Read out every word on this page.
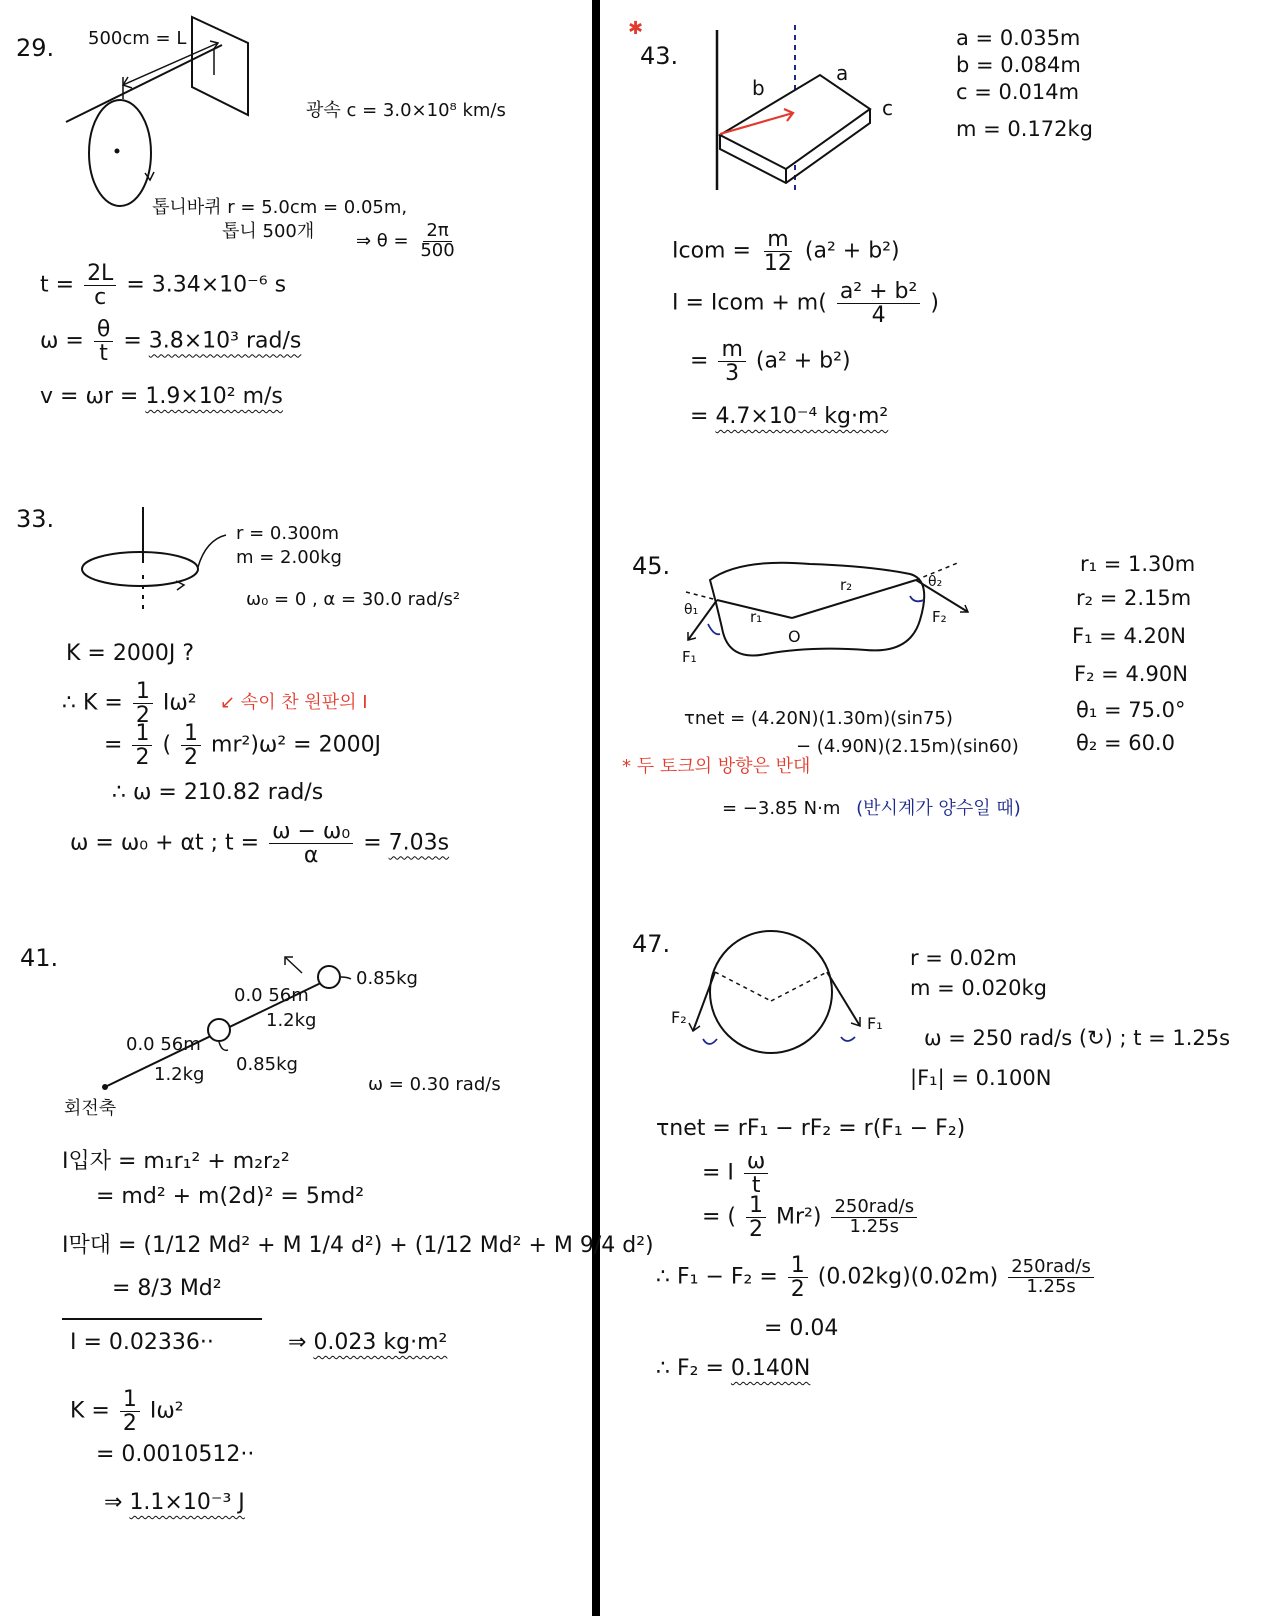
29. 500cm = L
광속 c = 3.0×10⁸ km/s
톱니바퀴 r = 5.0cm = 0.05m,
톱니 500개 ⇒ $\theta = \frac{2\pi}{500}$
$t = \frac{2L}{c} = 3.34\times 10^{-6}$ s
$\omega = \frac{\theta}{t} = 3.8\times 10^3$ rad/s
v = ωr = 1.9×10² m/s
33.
r = 0.300m
m = 2.00kg
ω₀ = 0 , α = 30.0 rad/s²
K = 2000J ?
∴ $K = \frac{1}{2} I\omega^2$ ↙ 속이 찬 원판의 I
= $\frac{1}{2}$ ( $\frac{1}{2} mr^2)\omega^2 = 2000J$
∴ ω = 210.82 rad/s
ω = ω₀ + αt ; $t = \frac{\text{ω − ω₀}}{\alpha} = 7.03s$
41.
0.85kg
0.0 56m
1.2kg
0.0 56m
1.2kg 0.85kg
회전축
ω = 0.30 rad/s
I입자 = m₁r₁² + m₂r₂²
= md² + m(2d)² = 5md²
I막대 = (1/12 Md² + M 1/4 d²) + (1/12 Md² + M 9/4 d²)
= 8/3 Md²
I = 0.02336··	⇒ 0.023 kg·m²
$K = \frac{1}{2} I\omega^2$
= 0.0010512··
⇒ 1.1×10⁻³ J
✱
43.
b
a
c
a = 0.035m
b = 0.084m
c = 0.014m
m = 0.172kg
Icom = $\frac{m}{12} (a^2 + b^2)$
I = Icom + $m( \frac{\text{a² + b²}}{4}$ )
= $\frac{m}{3} (a^2 + b^2)$
= 4.7×10⁻⁴ kg·m²
45.
θ₁
θ₂
r₁
r₂
O
F₁
F₂
r₁ = 1.30m
r₂ = 2.15m
F₁ = 4.20N
F₂ = 4.90N
θ₁ = 75.0°
θ₂ = 60.0
τnet = (4.20N)(1.30m)(sin75)
− (4.90N)(2.15m)(sin60)
* 두 토크의 방향은 반대
= −3.85 N·m (반시계가 양수일 때)
47.
F₂	F₁
r = 0.02m
m = 0.020kg
ω = 250 rad/s (↻) ; t = 1.25s
|F₁| = 0.100N
τnet = rF₁ − rF₂ = r(F₁ − F₂)
= I $\frac{\omega}{t}$
= ( $\frac{1}{2} Mr^2) \frac{\text{250rad/s}}{1.25s}$
∴ $F_1 - F_2 = \frac{1}{2} (0.02kg)(0.02m) \frac{\text{250rad/s}}{1.25s}$
= 0.04
∴ F₂ = 0.140N
